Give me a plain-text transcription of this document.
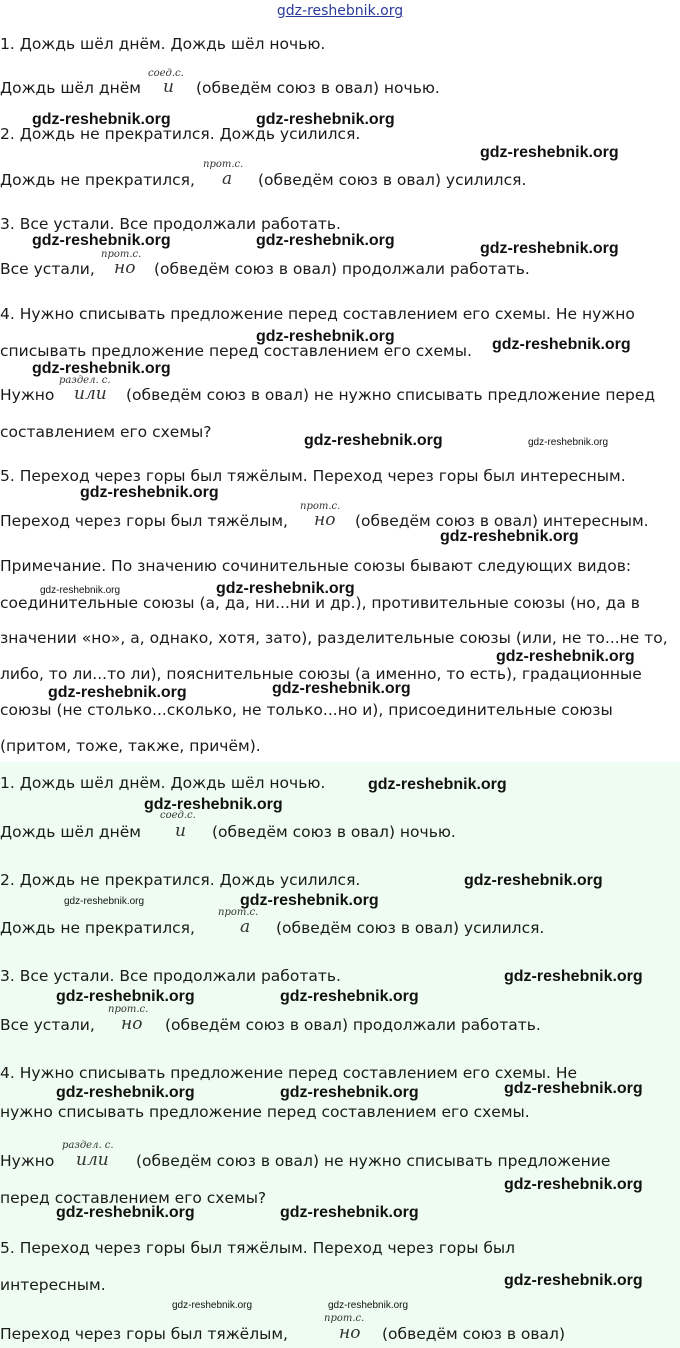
gdz-reshebnik.org
1. Дождь шёл днём. Дождь шёл ночью.
Дождь шёл днём
соед.с.
и (обведём союз в овал) ночью.
gdz-reshebnik.org	gdz-reshebnik.org
2. Дождь не прекратился. Дождь усилился.
gdz-reshebnik.org
Дождь не прекратился,
прот.с.
а (обведём союз в овал) усилился.
3. Все устали. Все продолжали работать.
gdz-reshebnik.org	gdz-reshebnik.org	gdz-reshebnik.org
Все устали,
прот.с.
но (обведём союз в овал) продолжали работать.
4. Нужно списывать предложение перед составлением его схемы. Не нужно
gdz-reshebnik.org
списывать предложение перед составлением его схемы. gdz-reshebnik.org
gdz-reshebnik.org
Нужно
раздел. с.
или (обведём союз в овал) не нужно списывать предложение перед
составлением его схемы?	gdz-reshebnik.org	gdz-reshebnik.org
5. Переход через горы был тяжёлым. Переход через горы был интересным.
gdz-reshebnik.org
Переход через горы был тяжёлым,
прот.с.
но (обведём союз в овал) интересным.
gdz-reshebnik.org
Примечание. По значению сочинительные союзы бывают следующих видов:
gdz-reshebnik.org	gdz-reshebnik.org
соединительные союзы (а, да, ни...ни и др.), противительные союзы (но, да в
значении «но», а, однако, хотя, зато), разделительные союзы (или, не то...не то,
gdz-reshebnik.org
либо, то ли...то ли), пояснительные союзы (а именно, то есть), градационные
gdz-reshebnik.org	gdz-reshebnik.org
союзы (не столько...сколько, не только...но и), присоединительные союзы
(притом, тоже, также, причём).
1. Дождь шёл днём. Дождь шёл ночью.	gdz-reshebnik.org
gdz-reshebnik.org
Дождь шёл днём
соед.с.
и (обведём союз в овал) ночью.
2. Дождь не прекратился. Дождь усилился.	gdz-reshebnik.org
gdz-reshebnik.org	gdz-reshebnik.org
Дождь не прекратился,
прот.с.
а (обведём союз в овал) усилился.
3. Все устали. Все продолжали работать.	gdz-reshebnik.org
gdz-reshebnik.org	gdz-reshebnik.org
Все устали,
прот.с.
но (обведём союз в овал) продолжали работать.
4. Нужно списывать предложение перед составлением его схемы. Не
gdz-reshebnik.org
gdz-reshebnik.org	gdz-reshebnik.org
нужно списывать предложение перед составлением его схемы.
Нужно
раздел. с.
или (обведём союз в овал) не нужно списывать предложение
gdz-reshebnik.org
перед составлением его схемы?
gdz-reshebnik.org	gdz-reshebnik.org
5. Переход через горы был тяжёлым. Переход через горы был
интересным.	gdz-reshebnik.org
gdz-reshebnik.org	gdz-reshebnik.org
Переход через горы был тяжёлым,
прот.с.
но (обведём союз в овал)
